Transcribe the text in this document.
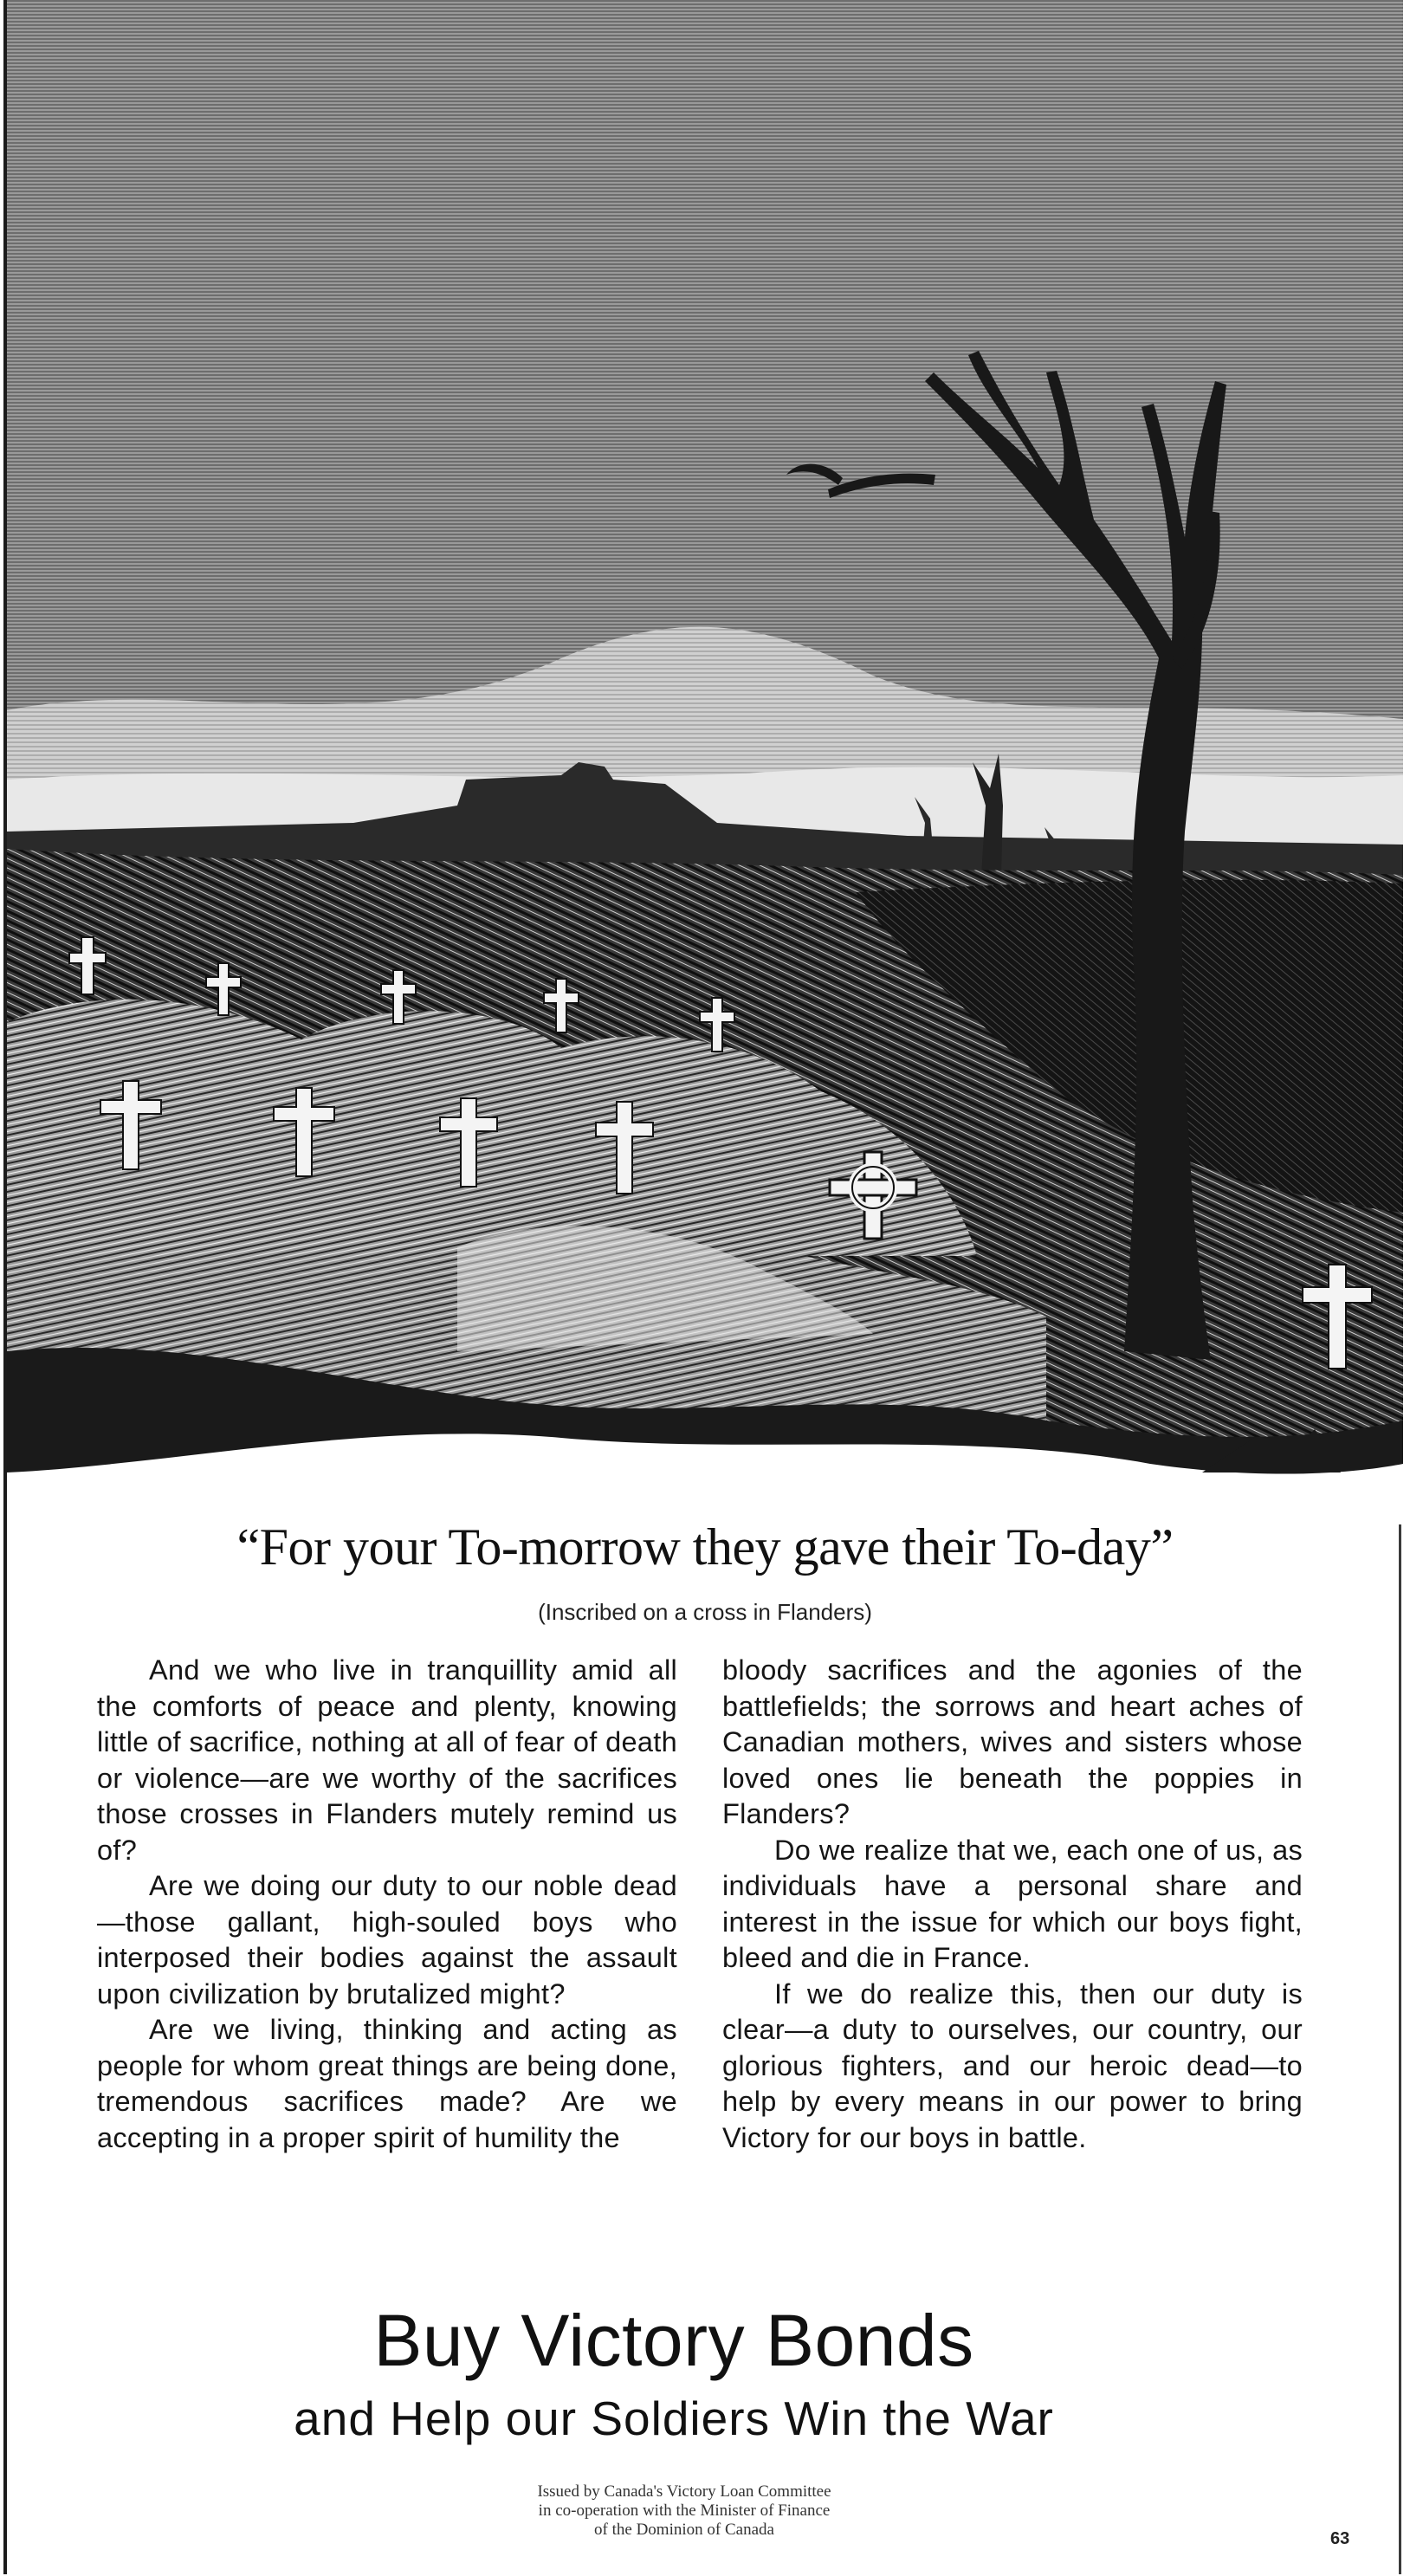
“For your To-morrow they gave their To-day”
(Inscribed on a cross in Flanders)

And we who live in tranquillity amid all the comforts of peace and plenty, knowing little of sacrifice, nothing at all of fear of death or violence—are we worthy of the sacrifices those crosses in Flanders mutely remind us of?

Are we doing our duty to our noble dead—those gallant, high-souled boys who interposed their bodies against the assault upon civilization by brutalized might?

Are we living, thinking and acting as people for whom great things are being done, tremendous sacrifices made? Are we accepting in a proper spirit of humility the

bloody sacrifices and the agonies of the battlefields; the sorrows and heart aches of Canadian mothers, wives and sisters whose loved ones lie beneath the poppies in Flanders?

Do we realize that we, each one of us, as individuals have a personal share and interest in the issue for which our boys fight, bleed and die in France.

If we do realize this, then our duty is clear—a duty to ourselves, our country, our glorious fighters, and our heroic dead—to help by every means in our power to bring Victory for our boys in battle.

Buy Victory Bonds
and Help our Soldiers Win the War
Issued by Canada's Victory Loan Committee
in co-operation with the Minister of Finance
of the Dominion of Canada	63
